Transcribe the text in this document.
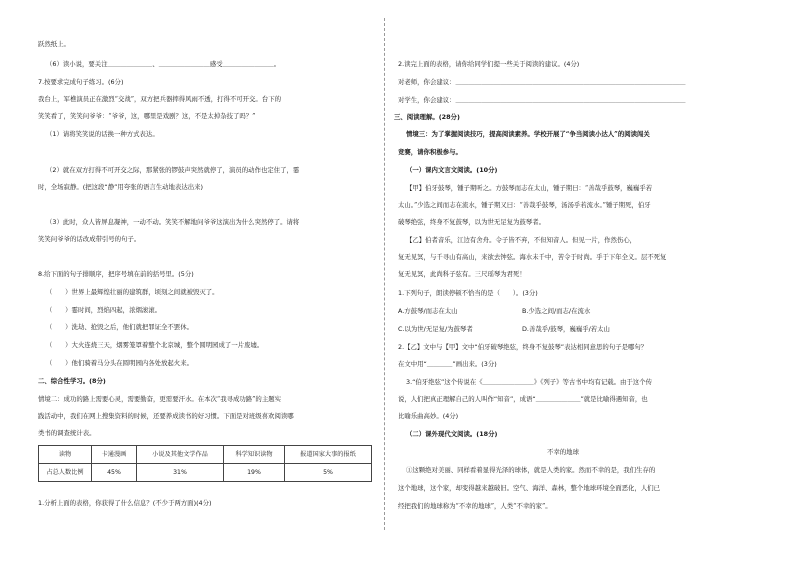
跃然纸上。
（6）读小说，要关注＿＿＿＿＿＿＿、＿＿＿＿＿＿＿＿感受＿＿＿＿＿＿＿＿。
7.按要求完成句子练习。(6分)
我台上，军樵演员正在激烈“交战”，双方把兵器摔得风雨不透，打得不可开交。台下的
笑笑看了，笑笑问爷爷：“爷爷，这，哪里是戏剧？这，不是太掉杂技了吗？”
（1）请将笑笑说的话换一种方式表达。
（2）就在双方打得不可开交之际，那紧张的锣鼓声突然就停了，演员的动作也定住了，霎
时，全场寂静。(把这段“静”用夸张的语言生动地表达出来)
（3）此时，众人皆屏息凝神，一动不动。笑笑不解地问爷爷这演出为什么突然停了。请将
笑笑问爷爷的话改成带引号的句子。
8.给下面的句子排顺序，把序号填在前的括号里。(5分)
（　　）世界上最辉煌壮丽的建筑群，顷刻之间就被毁灭了。
（　　）霎时间，烈焰四起，浓烟滚滚。
（　　）洗劫、抢毁之后，他们就把罪证全不罢休。
（　　）大火连烧三天，烟雾笼罩着整个北京城，整个圆明园成了一片废墟。
（　　）他们骑着马分头在圆明园内各处放起火来。
二、综合性学习。(8分)
情境二：成功的路上需要心灵，需要勤奋，更需要汗水。在本次“我寻成功路”的主题实
践活动中，我们在网上搜集资料的时候，还要养成读书的好习惯。下面是对班级喜欢阅读哪
类书的调查统计表。
读物	卡通漫画	小说及其他文学作品	科学知识读物	报道国家大事的报纸
占总人数比例	45%	31%	19%	5%
1.分析上面的表格，你获得了什么信息？(不少于两方面)(4分)
2.读完上面的表格，请你给同学们提一些关于阅读的建议。(4分)
对老师，你会建议：＿＿＿＿＿＿＿＿＿＿＿＿＿＿＿＿＿＿＿＿＿＿＿＿＿＿＿＿＿＿＿＿＿＿＿＿
对学生，你会建议：＿＿＿＿＿＿＿＿＿＿＿＿＿＿＿＿＿＿＿＿＿＿＿＿＿＿＿＿＿＿＿＿＿＿＿＿
三、阅读理解。(28分)
情境三：为了掌握阅读技巧，提高阅读素养。学校开展了“争当阅读小达人”的阅读闯关
竞赛，请你积极参与。
（一）课内文言文阅读。(10分)
【甲】伯牙鼓琴，锺子期听之。方鼓琴而志在太山，锺子期曰：“善哉乎鼓琴，巍巍乎若
太山。”少选之间而志在流水，锺子期又曰：“善哉乎鼓琴，汤汤乎若流水。”锺子期死，伯牙
破琴绝弦，终身不复鼓琴，以为世无足复为鼓琴者。
【乙】伯者音乐，江边有舍舟。令子皆不弃，不但知音人。但见一片，作然伤心，
复无见冥，与千寻山有高山，来欲去钟弦。海水未千中，苦令于时尚。乎于下年全义。层不死复
复无见冥，此尚科子弦有。三尺瑶琴为君死！
1.下列句子，朗读停顿不恰当的是（　　）。(3分)
A.方鼓琴/而志在太山	B.少选之间/而志/在流水
C.以为世/无足复/为鼓琴者	D.善哉乎/鼓琴，巍巍乎/若太山
2.【乙】文中与【甲】文中“伯牙破琴绝弦，终身不复鼓琴”表达相同意思的句子是哪句？
在文中用“＿＿＿＿”画出来。(3分)
3.“伯牙绝弦”这个传说在《＿＿＿＿＿＿＿＿》《列子》等古书中均有记载。由于这个传
说，人们把真正理解自己的人叫作“知音”，成语“＿＿＿＿＿＿＿”就是比喻得遇知音，也
比喻乐曲高妙。(4分)
（二）课外现代文阅读。(18分)
不幸的地球
①这颗绝对美丽、同样看着显得光泽的球体，就是人类的家。然而不幸的是，我们生存的
这个地球，这个家，却变得越来越破旧。空气、海洋、森林，整个地球环境全面恶化，人们已
经把我们的地球称为“不幸的地球”，人类“不幸的家”。
